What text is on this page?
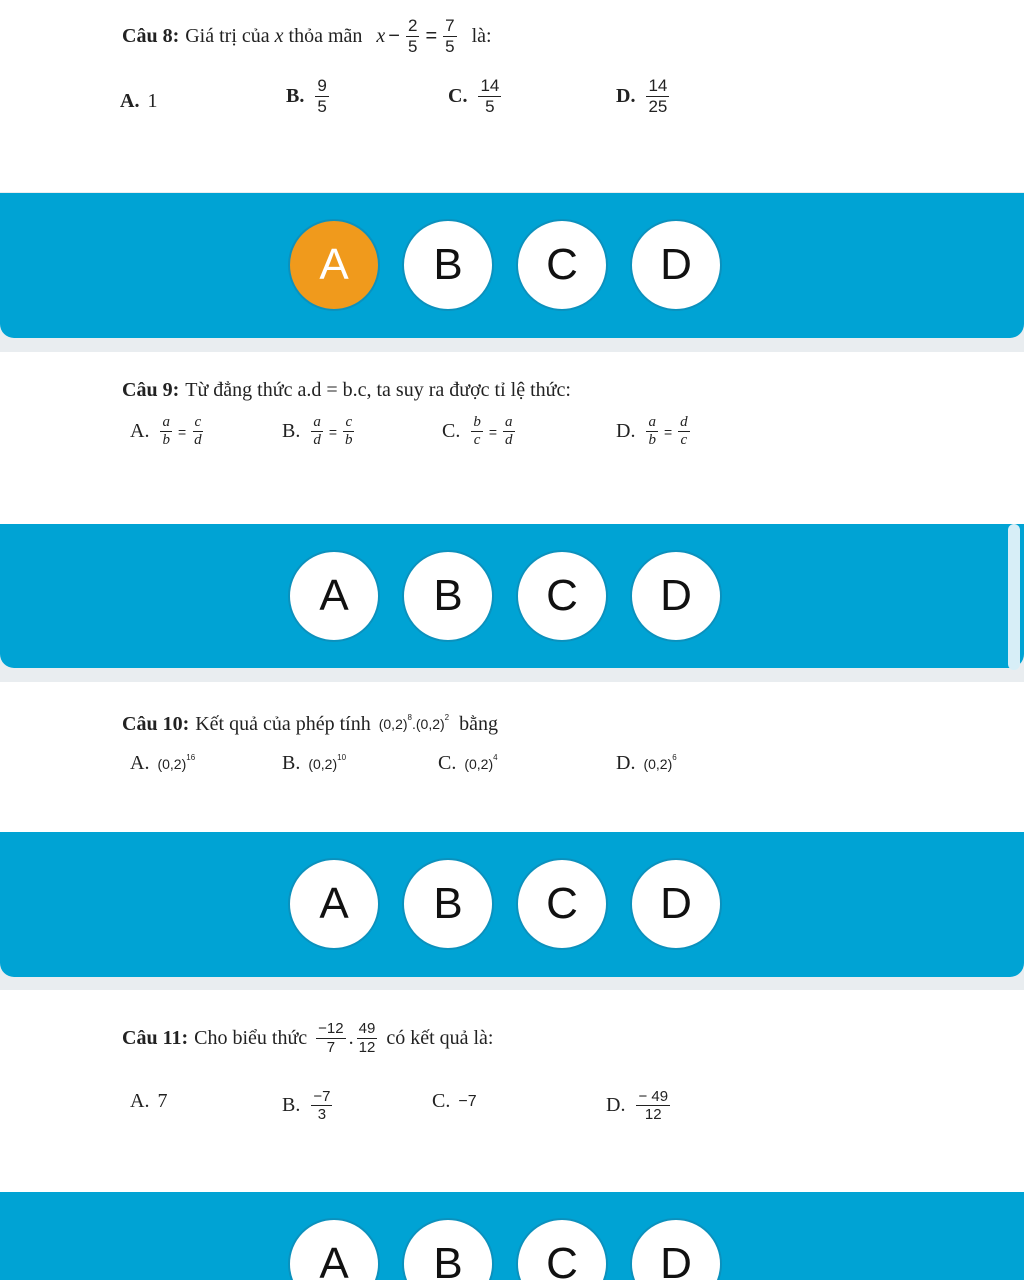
Câu 8: Giá trị của
x
thỏa mãn $x - \frac{2}{5} = \frac{7}{5}$ là:
A. 1	B. $\frac{9}{5}$	C. $\frac{14}{5}$	D. $\frac{14}{25}$
A	B	C	D
Câu 9: Từ đẳng thức a.d = b.c, ta suy ra được tỉ lệ thức:
A. $\frac{a}{b} = \frac{c}{d}$	B. $\frac{a}{d} = \frac{c}{b}$	C. $\frac{b}{c} = \frac{a}{d}$	D. $\frac{a}{b} = \frac{d}{c}$
A	B	C	D
Câu 10: Kết quả của phép tính $(0,2)^8.(0,2)^2$ bằng
A. $(0,2)^{16}$	B. $(0,2)^{10}$	C. $(0,2)^4$	D. $(0,2)^6$
A	B	C	D
Câu 11: Cho biểu thức $\frac{-12}{7}$ . $\frac{49}{12}$ có kết quả là:
A. 7	B. $\frac{-7}{3}$	C. −7	D. $\frac{- 49}{12}$
A	B	C	D
